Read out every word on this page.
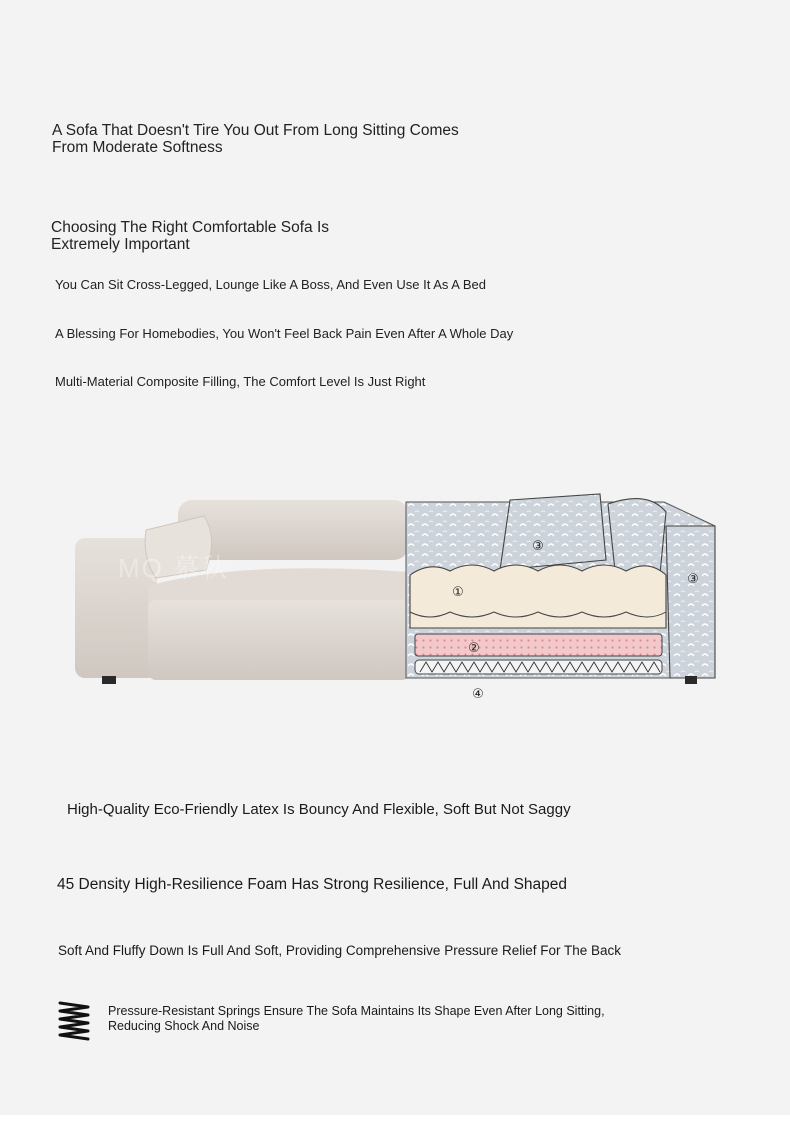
A Sofa That Doesn't Tire You Out From Long Sitting Comes
From Moderate Softness
Choosing The Right Comfortable Sofa Is
Extremely Important
You Can Sit Cross-Legged, Lounge Like A Boss, And Even Use It As A Bed
A Blessing For Homebodies, You Won't Feel Back Pain Even After A Whole Day
Multi-Material Composite Filling, The Comfort Level Is Just Right
①
②
③
③
④
MQ 慕秋
High-Quality Eco-Friendly Latex Is Bouncy And Flexible, Soft But Not Saggy
45 Density High-Resilience Foam Has Strong Resilience, Full And Shaped
Soft And Fluffy Down Is Full And Soft, Providing Comprehensive Pressure Relief For The Back
Pressure-Resistant Springs Ensure The Sofa Maintains Its Shape Even After Long Sitting,
Reducing Shock And Noise
